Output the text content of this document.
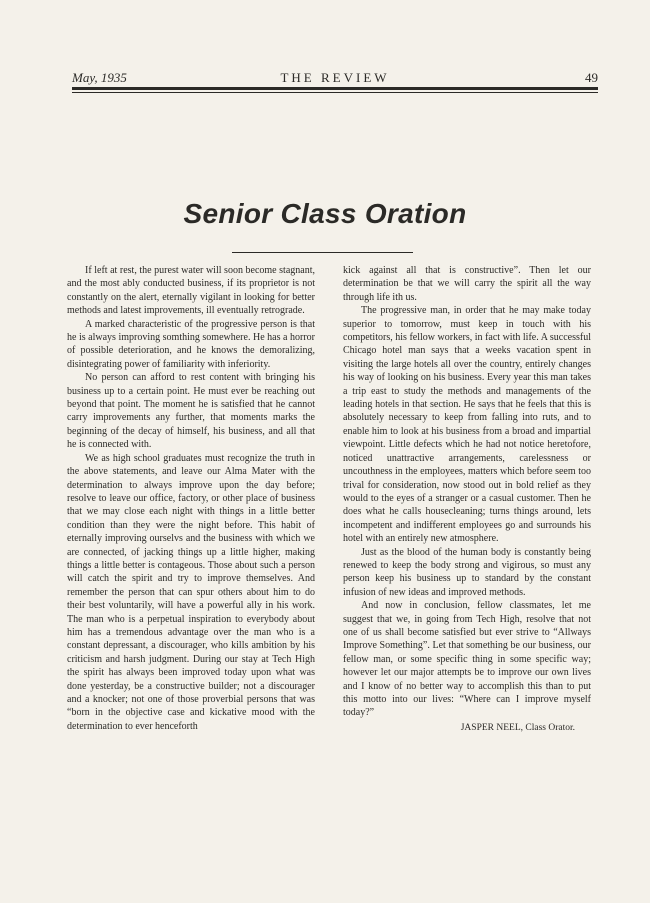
May, 1935	THE REVIEW	49
Senior Class Oration

If left at rest, the purest water will soon become stagnant, and the most ably conducted business, if its proprietor is not constantly on the alert, eternally vigilant in looking for better methods and latest improvements, ill eventually retrograde.

A marked characteristic of the progressive person is that he is always improving somthing somewhere. He has a horror of possible deterioration, and he knows the demoralizing, disintegrating power of familiarity with inferiority.

No person can afford to rest content with bringing his business up to a certain point. He must ever be reaching out beyond that point. The moment he is satisfied that he cannot carry improvements any further, that moments marks the beginning of the decay of himself, his business, and all that he is connected with.

We as high school graduates must recognize the truth in the above statements, and leave our Alma Mater with the determination to always improve upon the day before; resolve to leave our office, factory, or other place of business that we may close each night with things in a little better condition than they were the night before. This habit of eternally improving ourselvs and the business with which we are connected, of jacking things up a little higher, making things a little better is contageous. Those about such a person will catch the spirit and try to improve themselves. And remember the person that can spur others about him to do their best voluntarily, will have a powerful ally in his work. The man who is a perpetual inspiration to everybody about him has a tremendous advantage over the man who is a constant depressant, a discourager, who kills ambition by his criticism and harsh judgment. During our stay at Tech High the spirit has always been improved today upon what was done yesterday, be a constructive builder; not a discourager and a knocker; not one of those proverbial persons that was “born in the objective case and kickative mood with the determination to ever henceforth

kick against all that is constructive”. Then let our determination be that we will carry the spirit all the way through life ith us.

The progressive man, in order that he may make today superior to tomorrow, must keep in touch with his competitors, his fellow workers, in fact with life. A successful Chicago hotel man says that a weeks vacation spent in visiting the large hotels all over the country, entirely changes his way of looking on his business. Every year this man takes a trip east to study the methods and managements of the leading hotels in that section. He says that he feels that this is absolutely necessary to keep from falling into ruts, and to enable him to look at his business from a broad and impartial viewpoint. Little defects which he had not notice heretofore, noticed unattractive arrangements, carelessness or uncouthness in the employees, matters which before seem too trival for consideration, now stood out in bold relief as they would to the eyes of a stranger or a casual customer. Then he does what he calls housecleaning; turns things around, lets incompetent and indifferent employees go and surrounds his hotel with an entirely new atmosphere.

Just as the blood of the human body is constantly being renewed to keep the body strong and vigirous, so must any person keep his business up to standard by the constant infusion of new ideas and improved methods.

And now in conclusion, fellow classmates, let me suggest that we, in going from Tech High, resolve that not one of us shall become satisfied but ever strive to “Allways Improve Something”. Let that something be our business, our fellow man, or some specific thing in some specific way; however let our major attempts be to improve our own lives and I know of no better way to accomplish this than to put this motto into our lives: “Where can I improve myself today?”

JASPER NEEL, Class Orator.
